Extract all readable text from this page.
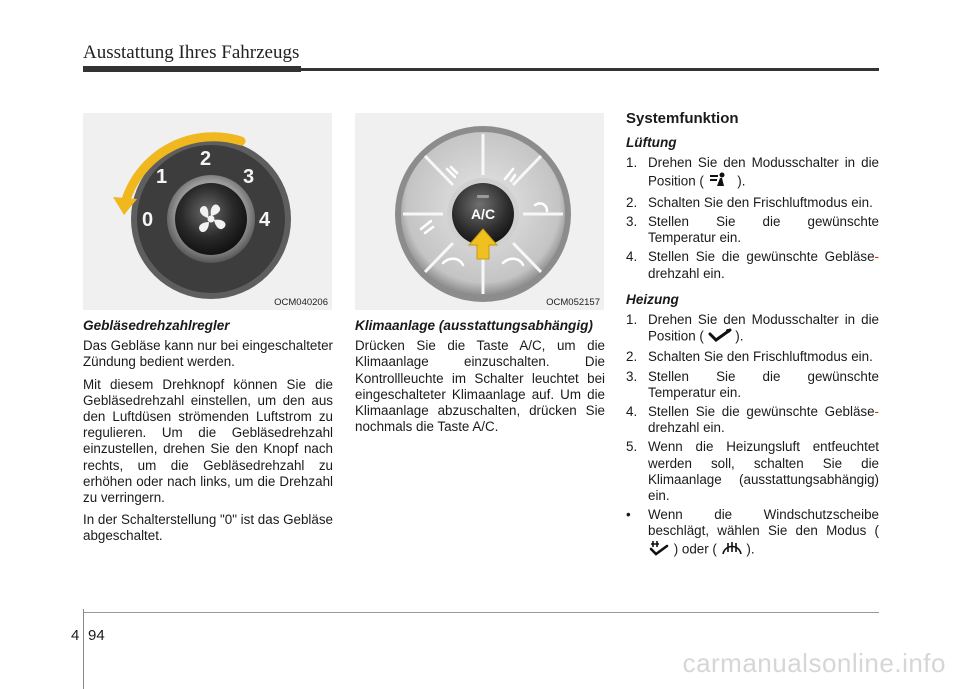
Ausstattung Ihres Fahrzeugs
0
1
2
3
4
OCM040206
A/C
OCM052157
Gebläsedrehzahlregler

Das Gebläse kann nur bei eingeschalteter Zündung bedient werden.

Mit diesem Drehknopf können Sie die Gebläsedrehzahl einstellen, um den aus den Luftdüsen strömenden Luftstrom zu regulieren. Um die Gebläsedrehzahl einzustellen, drehen Sie den Knopf nach rechts, um die Gebläsedrehzahl zu erhöhen oder nach links, um die Drehzahl zu verringern.

In der Schalterstellung "0" ist das Gebläse abgeschaltet.

Klimaanlage (ausstattungsabhängig)

Drücken Sie die Taste A/C, um die Klimaanlage einzuschalten. Die Kontrollleuchte im Schalter leuchtet bei eingeschalteter Klimaanlage auf. Um die Klimaanlage abzuschalten, drücken Sie nochmals die Taste A/C.

Systemfunktion
Lüftung
1. Drehen Sie den Modusschalter in die Position ( ).
2. Schalten Sie den Frischluftmodus ein.
3. Stellen Sie die gewünschte Temperatur ein.
4. Stellen Sie die gewünschte Gebläse- drehzahl ein.
Heizung
1. Drehen Sie den Modusschalter in die Position ( ).
2. Schalten Sie den Frischluftmodus ein.
3. Stellen Sie die gewünschte Temperatur ein.
4. Stellen Sie die gewünschte Gebläse- drehzahl ein.
5. Wenn die Heizungsluft entfeuchtet werden soll, schalten Sie die Klimaanlage (ausstattungsabhängig) ein.
• Wenn die Windschutzscheibe beschlägt, wählen Sie den Modus (  ) oder ( ).
4 94
carmanualsonline.info
